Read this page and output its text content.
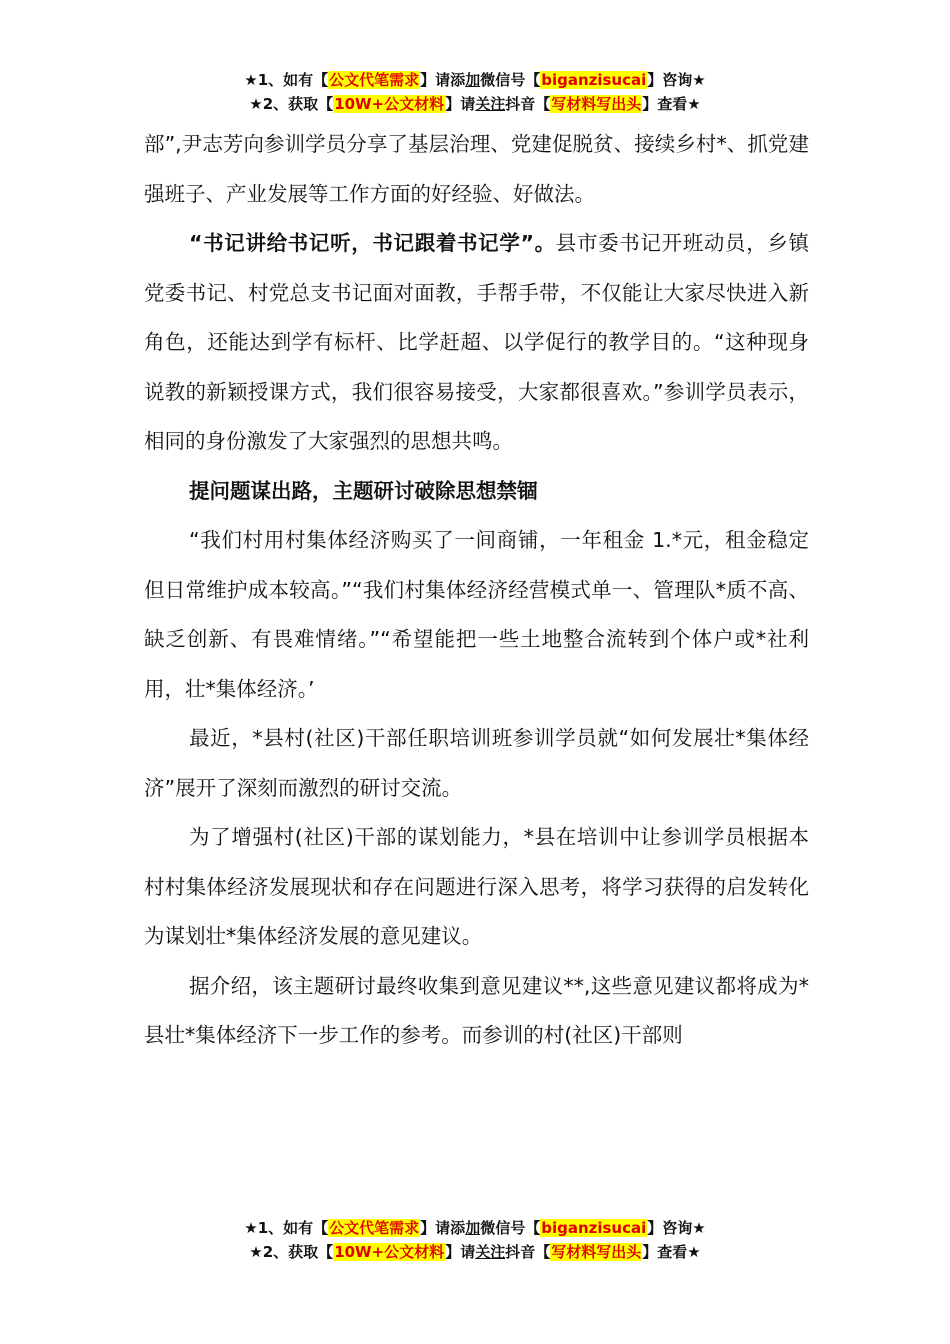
★1、如有【公文代笔需求】请添加微信号【biganzisucai】咨询★
★2、获取【10W+公文材料】请关注抖音【写材料写出头】查看★

部”,尹志芳向参训学员分享了基层治理、党建促脱贫、接续乡村*、抓党建强班子、产业发展等工作方面的好经验、好做法。

“书记讲给书记听，书记跟着书记学”。县市委书记开班动员，乡镇党委书记、村党总支书记面对面教，手帮手带，不仅能让大家尽快进入新角色，还能达到学有标杆、比学赶超、以学促行的教学目的。“这种现身说教的新颖授课方式，我们很容易接受，大家都很喜欢。”参训学员表示，相同的身份激发了大家强烈的思想共鸣。

提问题谋出路，主题研讨破除思想禁锢

“我们村用村集体经济购买了一间商铺，一年租金 1.*元，租金稳定但日常维护成本较高。”“我们村集体经济经营模式单一、管理队*质不高、缺乏创新、有畏难情绪。”“希望能把一些土地整合流转到个体户或*社利用，壮*集体经济。’

最近，*县村(社区)干部任职培训班参训学员就“如何发展壮*集体经济”展开了深刻而激烈的研讨交流。

为了增强村(社区)干部的谋划能力，*县在培训中让参训学员根据本村村集体经济发展现状和存在问题进行深入思考，将学习获得的启发转化为谋划壮*集体经济发展的意见建议。

据介绍，该主题研讨最终收集到意见建议**,这些意见建议都将成为*县壮*集体经济下一步工作的参考。而参训的村(社区)干部则

★1、如有【公文代笔需求】请添加微信号【biganzisucai】咨询★
★2、获取【10W+公文材料】请关注抖音【写材料写出头】查看★
